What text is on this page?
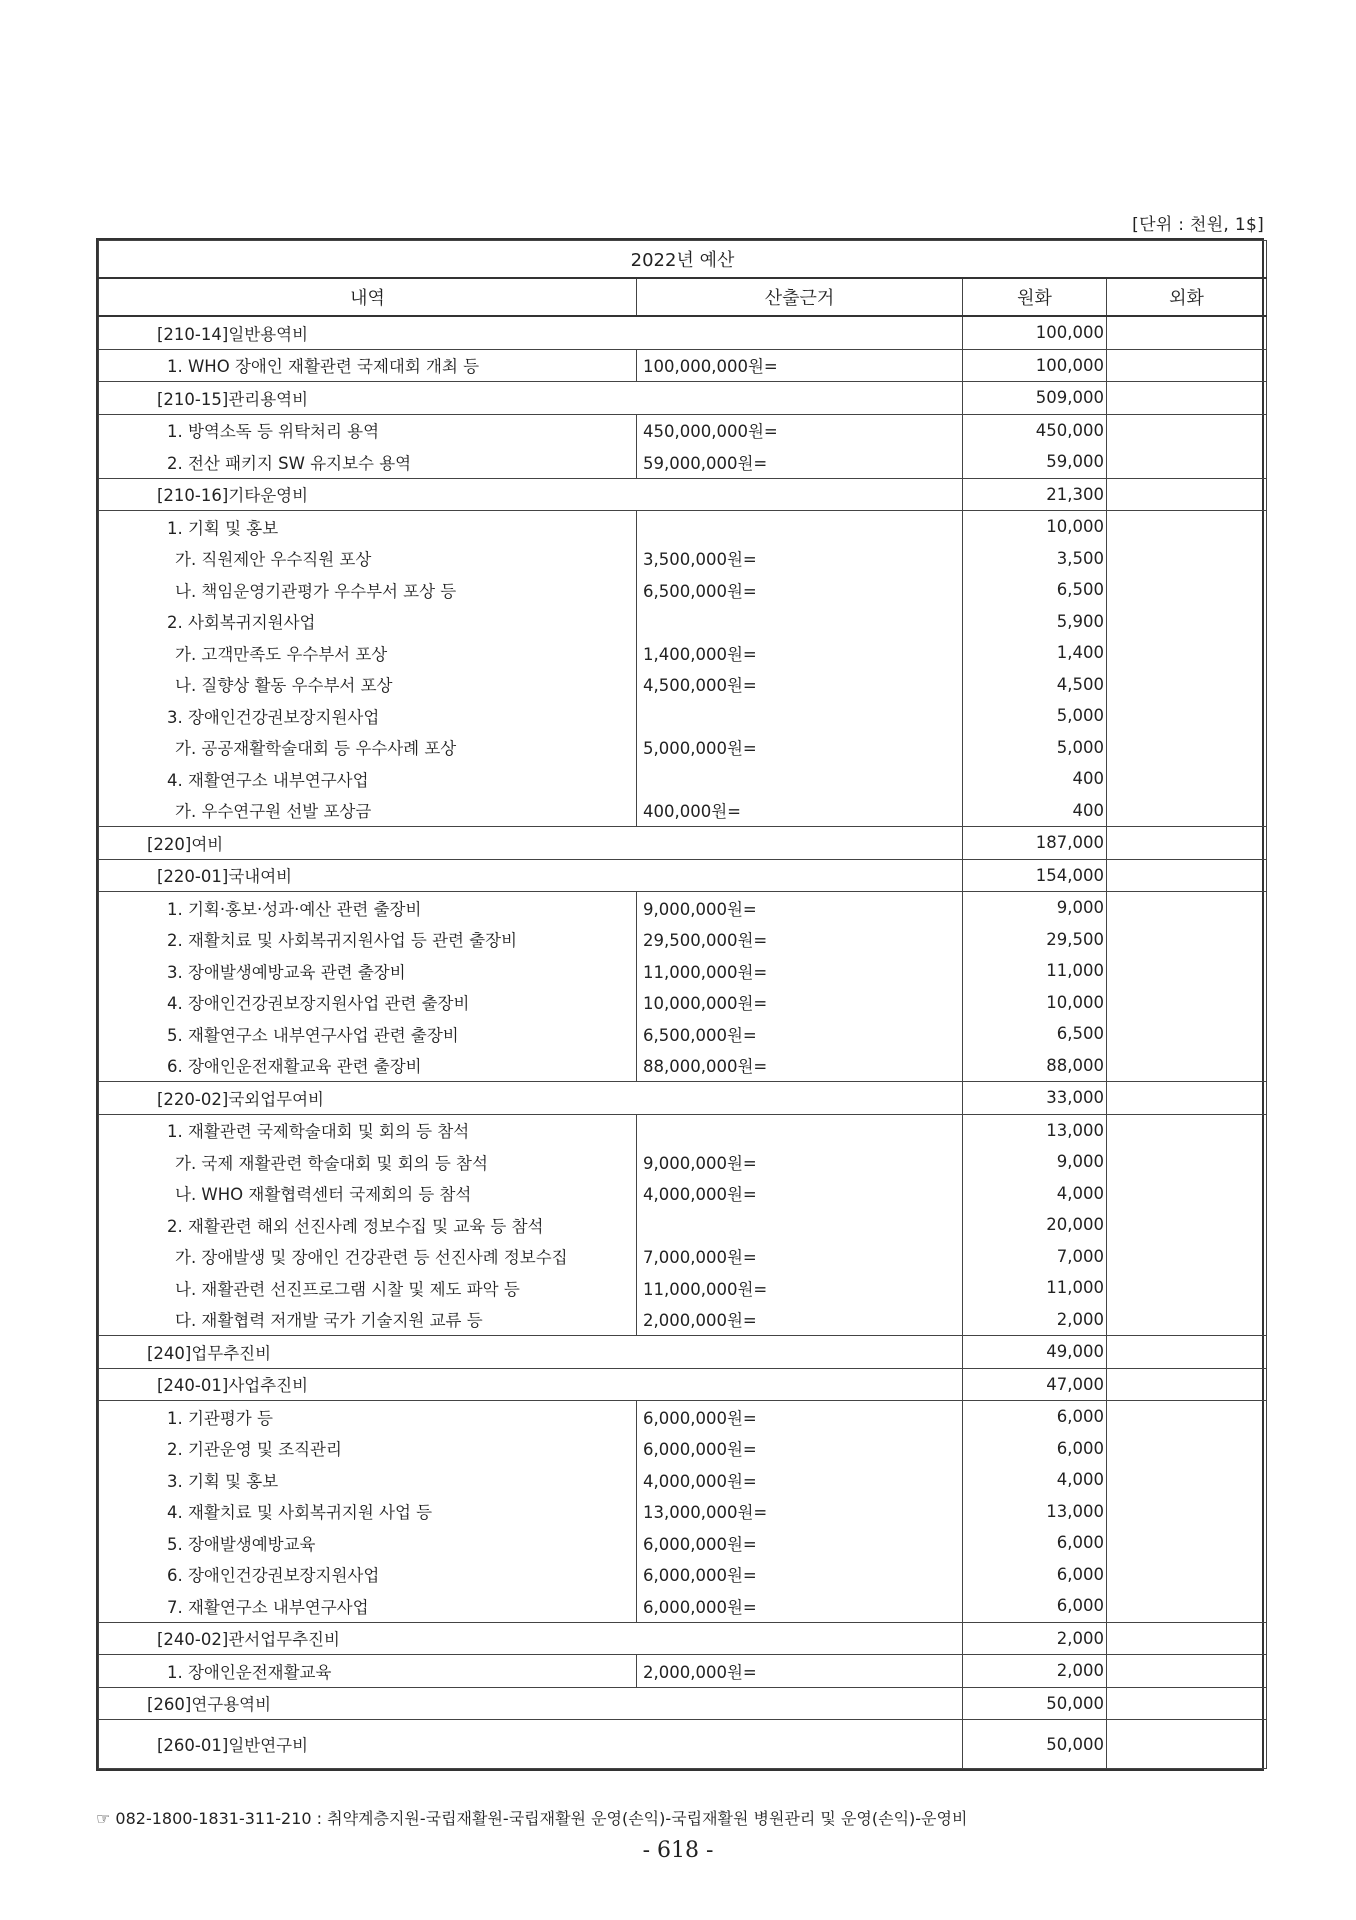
[단위 : 천원, 1$]
2022년 예산			
내역	산출근거	원화	외화
[210-14]일반용역비		100,000	
1. WHO 장애인 재활관련 국제대회 개최 등	100,000,000원=	100,000	
[210-15]관리용역비		509,000	
1. 방역소독 등 위탁처리 용역	450,000,000원=	450,000	
2. 전산 패키지 SW 유지보수 용역	59,000,000원=	59,000	
[210-16]기타운영비		21,300	
1. 기획 및 홍보		10,000	
가. 직원제안 우수직원 포상	3,500,000원=	3,500	
나. 책임운영기관평가 우수부서 포상 등	6,500,000원=	6,500	
2. 사회복귀지원사업		5,900	
가. 고객만족도 우수부서 포상	1,400,000원=	1,400	
나. 질향상 활동 우수부서 포상	4,500,000원=	4,500	
3. 장애인건강권보장지원사업		5,000	
가. 공공재활학술대회 등 우수사례 포상	5,000,000원=	5,000	
4. 재활연구소 내부연구사업		400	
가. 우수연구원 선발 포상금	400,000원=	400	
[220]여비		187,000	
[220-01]국내여비		154,000	
1. 기획·홍보·성과·예산 관련 출장비	9,000,000원=	9,000	
2. 재활치료 및 사회복귀지원사업 등 관련 출장비	29,500,000원=	29,500	
3. 장애발생예방교육 관련 출장비	11,000,000원=	11,000	
4. 장애인건강권보장지원사업 관련 출장비	10,000,000원=	10,000	
5. 재활연구소 내부연구사업 관련 출장비	6,500,000원=	6,500	
6. 장애인운전재활교육 관련 출장비	88,000,000원=	88,000	
[220-02]국외업무여비		33,000	
1. 재활관련 국제학술대회 및 회의 등 참석		13,000	
가. 국제 재활관련 학술대회 및 회의 등 참석	9,000,000원=	9,000	
나. WHO 재활협력센터 국제회의 등 참석	4,000,000원=	4,000	
2. 재활관련 해외 선진사례 정보수집 및 교육 등 참석		20,000	
가. 장애발생 및 장애인 건강관련 등 선진사례 정보수집	7,000,000원=	7,000	
나. 재활관련 선진프로그램 시찰 및 제도 파악 등	11,000,000원=	11,000	
다. 재활협력 저개발 국가 기술지원 교류 등	2,000,000원=	2,000	
[240]업무추진비		49,000	
[240-01]사업추진비		47,000	
1. 기관평가 등	6,000,000원=	6,000	
2. 기관운영 및 조직관리	6,000,000원=	6,000	
3. 기획 및 홍보	4,000,000원=	4,000	
4. 재활치료 및 사회복귀지원 사업 등	13,000,000원=	13,000	
5. 장애발생예방교육	6,000,000원=	6,000	
6. 장애인건강권보장지원사업	6,000,000원=	6,000	
7. 재활연구소 내부연구사업	6,000,000원=	6,000	
[240-02]관서업무추진비		2,000	
1. 장애인운전재활교육	2,000,000원=	2,000	
[260]연구용역비		50,000	
[260-01]일반연구비		50,000	
☞ 082-1800-1831-311-210 : 취약계층지원-국립재활원-국립재활원 운영(손익)-국립재활원 병원관리 및 운영(손익)-운영비
- 618 -
